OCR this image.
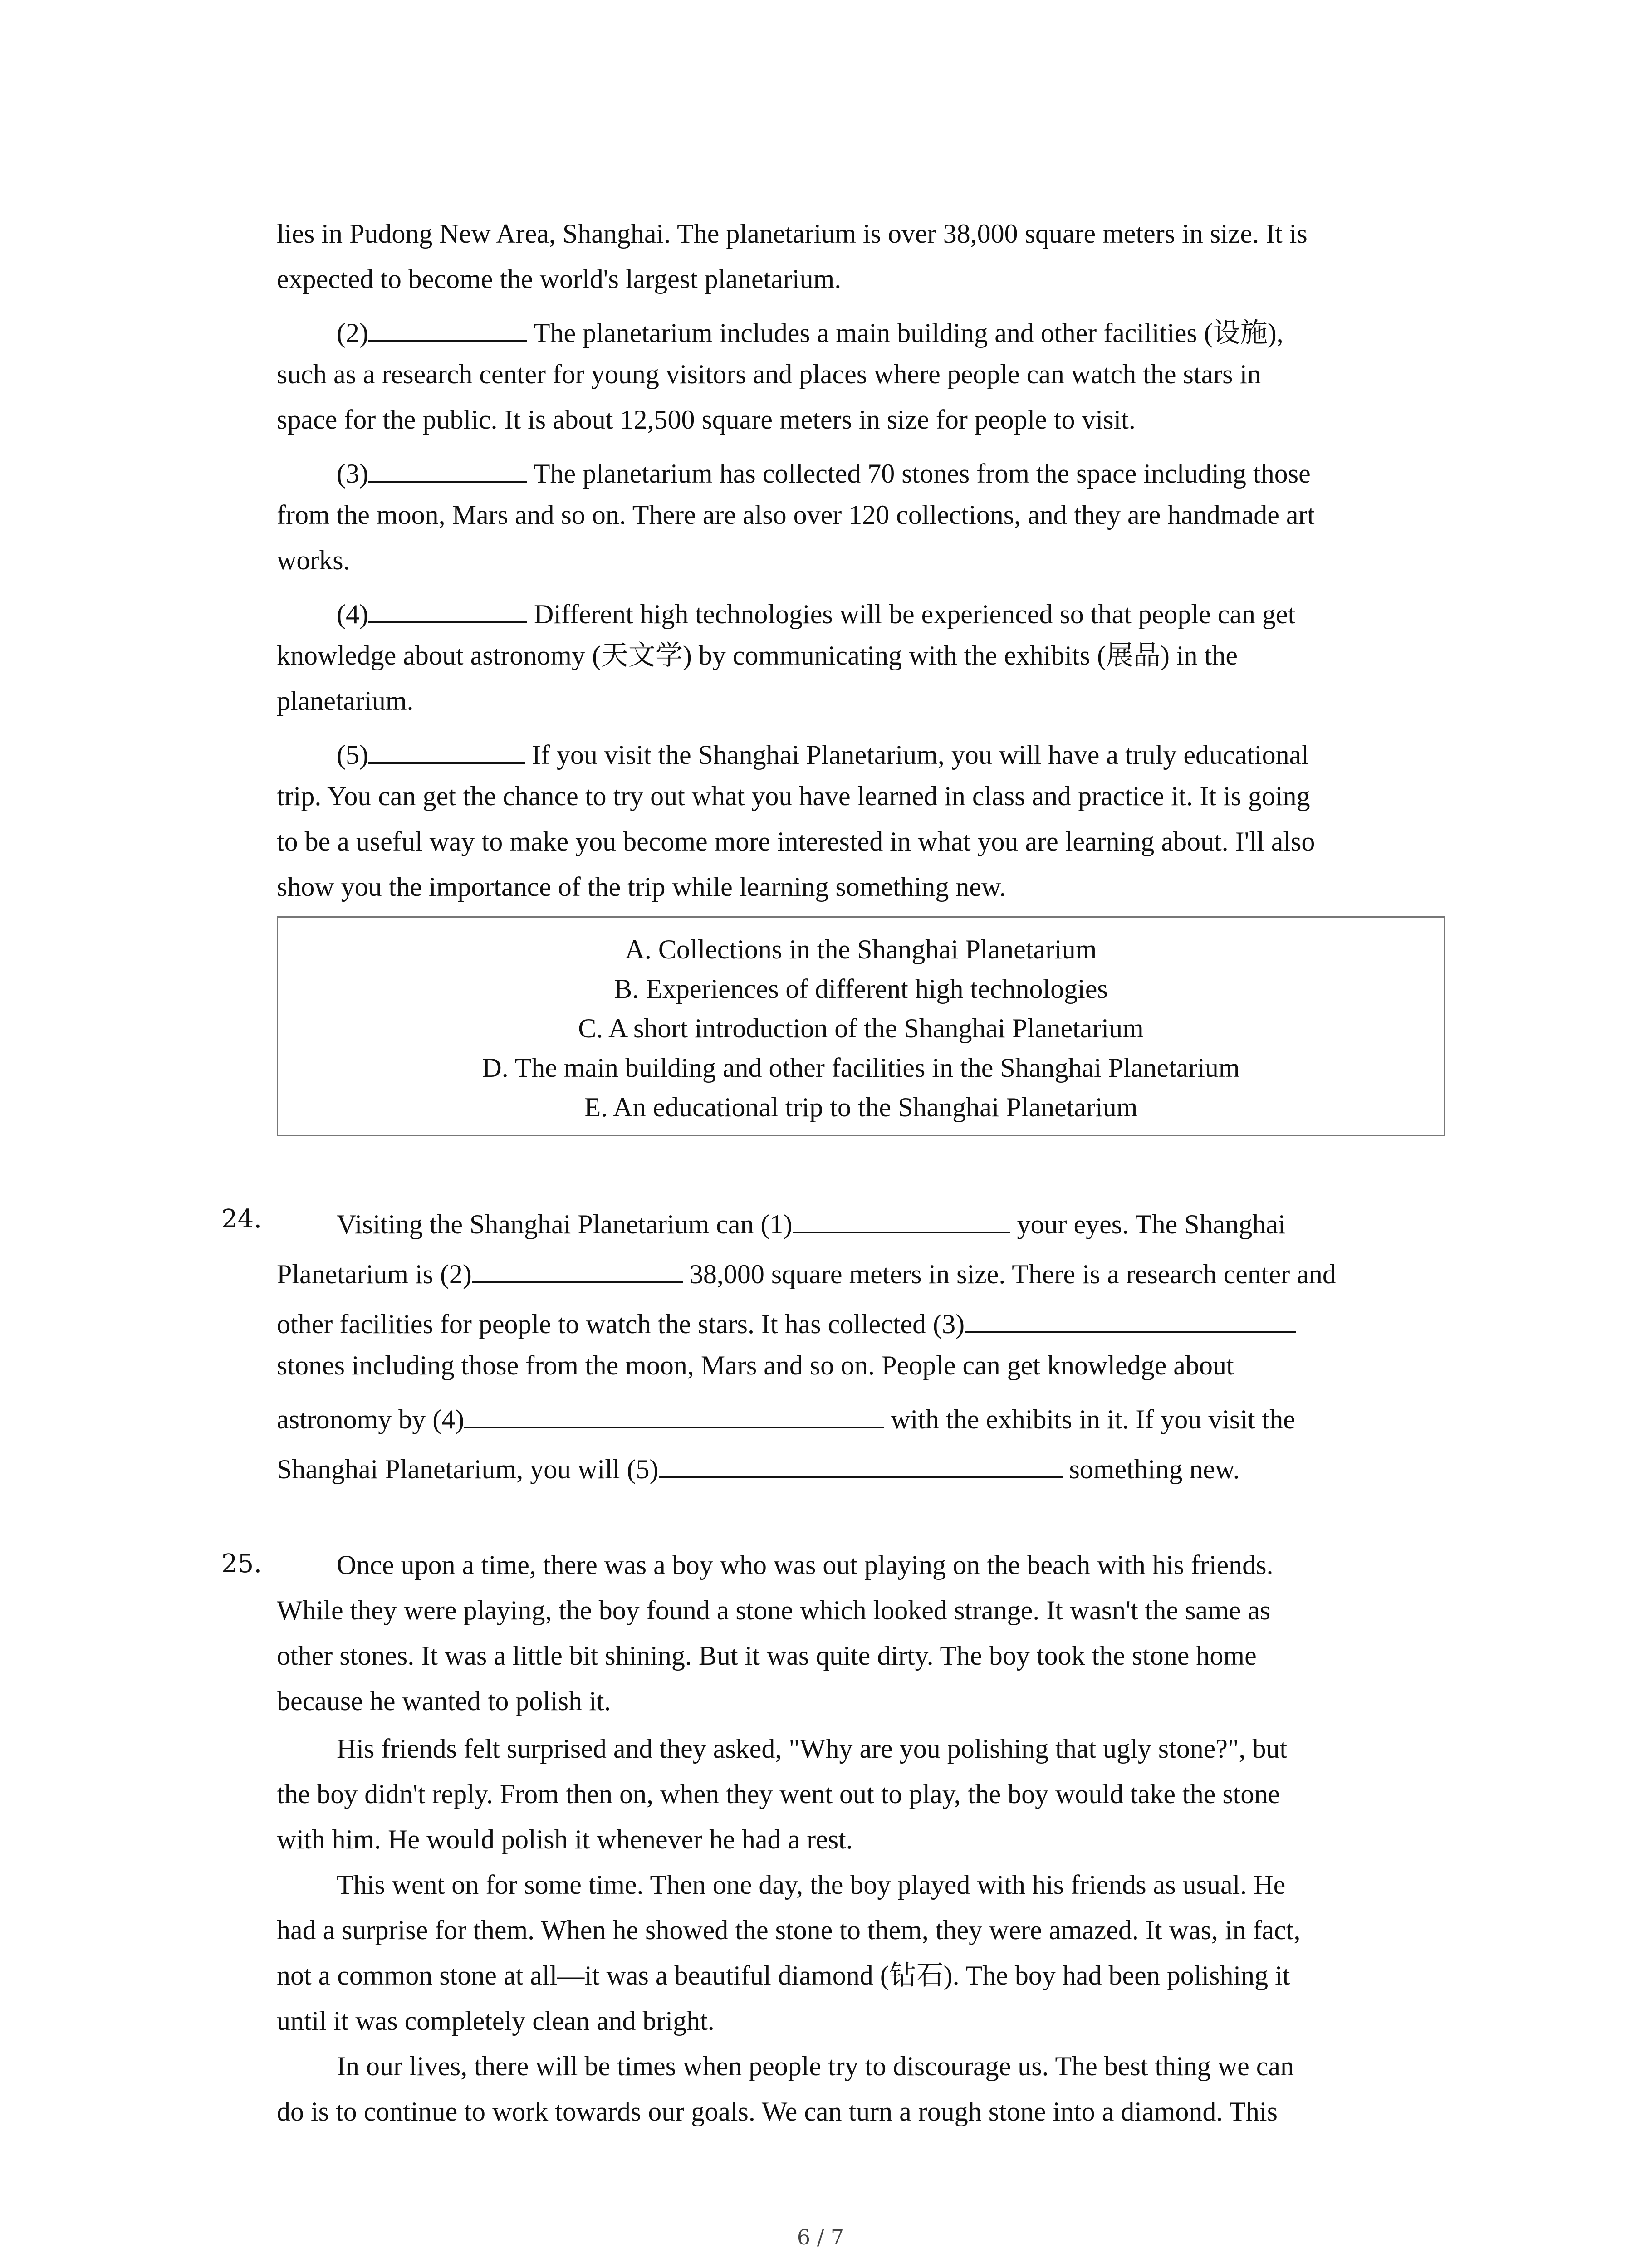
lies in Pudong New Area, Shanghai. The planetarium is over 38,000 square meters in size. It is
expected to become the world's largest planetarium.
(2)	The planetarium includes a main building and other facilities (设施),
such as a research center for young visitors and places where people can watch the stars in
space for the public. It is about 12,500 square meters in size for people to visit.
(3)	The planetarium has collected 70 stones from the space including those
from the moon, Mars and so on. There are also over 120 collections, and they are handmade art
works.
(4)	Different high technologies will be experienced so that people can get
knowledge about astronomy (天文学) by communicating with the exhibits (展品) in the
planetarium.
(5)	If you visit the Shanghai Planetarium, you will have a truly educational
trip. You can get the chance to try out what you have learned in class and practice it. It is going
to be a useful way to make you become more interested in what you are learning about. I'll also
show you the importance of the trip while learning something new.
A. Collections in the Shanghai Planetarium
B. Experiences of different high technologies
C. A short introduction of the Shanghai Planetarium
D. The main building and other facilities in the Shanghai Planetarium
E. An educational trip to the Shanghai Planetarium
24.	Visiting the Shanghai Planetarium can (1)	your eyes. The Shanghai
Planetarium is (2)	38,000 square meters in size. There is a research center and
other facilities for people to watch the stars. It has collected (3)
stones including those from the moon, Mars and so on. People can get knowledge about
astronomy by (4)	with the exhibits in it. If you visit the
Shanghai Planetarium, you will (5)	something new.
25.	Once upon a time, there was a boy who was out playing on the beach with his friends.
While they were playing, the boy found a stone which looked strange. It wasn't the same as
other stones. It was a little bit shining. But it was quite dirty. The boy took the stone home
because he wanted to polish it.
His friends felt surprised and they asked, "Why are you polishing that ugly stone?", but
the boy didn't reply. From then on, when they went out to play, the boy would take the stone
with him. He would polish it whenever he had a rest.
This went on for some time. Then one day, the boy played with his friends as usual. He
had a surprise for them. When he showed the stone to them, they were amazed. It was, in fact,
not a common stone at all—it was a beautiful diamond (钻石). The boy had been polishing it
until it was completely clean and bright.
In our lives, there will be times when people try to discourage us. The best thing we can
do is to continue to work towards our goals. We can turn a rough stone into a diamond. This
6 / 7
